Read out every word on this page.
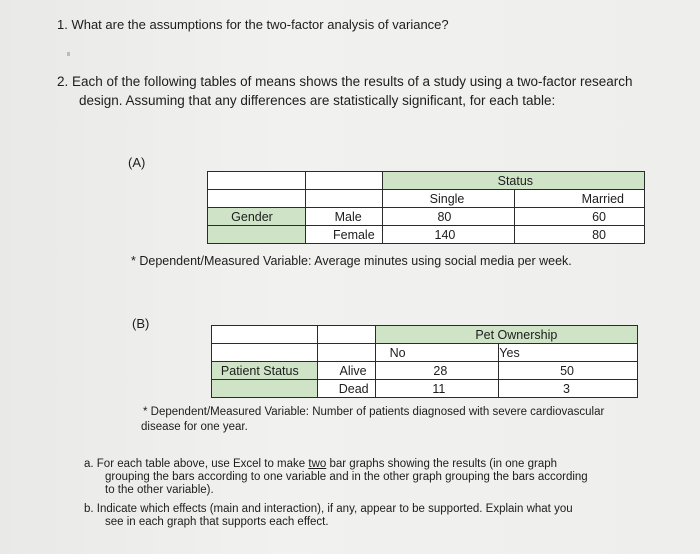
1. What are the assumptions for the two-factor analysis of variance?
2. Each of the following tables of means shows the results of a study using a two-factor research
design. Assuming that any differences are statistically significant, for each table:
(A)
		Status	
		Single	Married
Gender	Male	80	60
	Female	140	80
* Dependent/Measured Variable: Average minutes using social media per week.
(B)
		Pet Ownership	
		No	Yes
Patient Status	Alive	28	50
	Dead	11	3
* Dependent/Measured Variable: Number of patients diagnosed with severe cardiovascular
disease for one year.
a. For each table above, use Excel to make two bar graphs showing the results (in one graph
grouping the bars according to one variable and in the other graph grouping the bars according
to the other variable).
b. Indicate which effects (main and interaction), if any, appear to be supported. Explain what you
see in each graph that supports each effect.
